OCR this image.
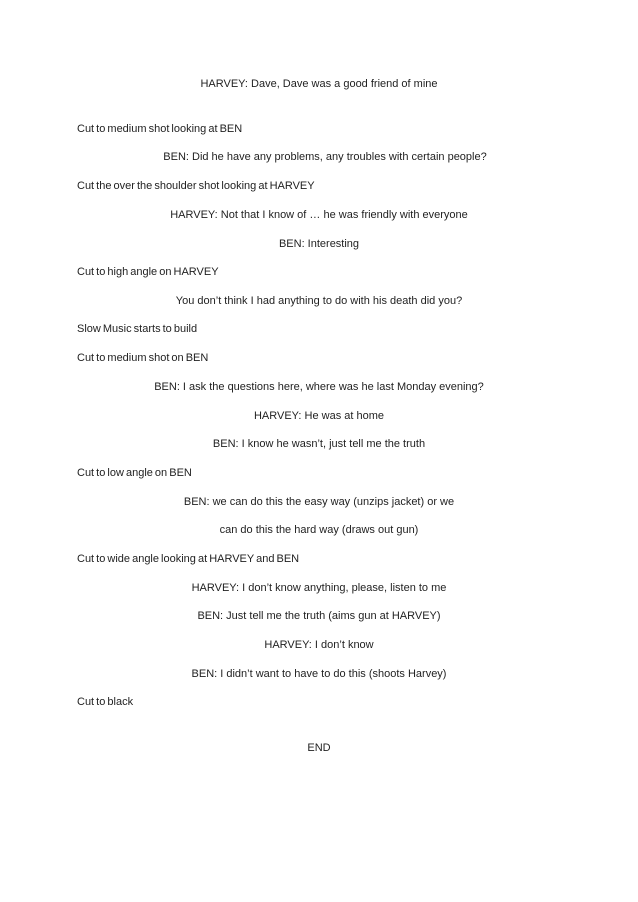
HARVEY: Dave, Dave was a good friend of mine
Cut to medium shot looking at BEN
BEN: Did he have any problems, any troubles with certain people?
Cut the over the shoulder shot looking at HARVEY
HARVEY: Not that I know of … he was friendly with everyone
BEN: Interesting
Cut to high angle on HARVEY
You don’t think I had anything to do with his death did you?
Slow Music starts to build
Cut to medium shot on BEN
BEN: I ask the questions here, where was he last Monday evening?
HARVEY: He was at home
BEN: I know he wasn’t, just tell me the truth
Cut to low angle on BEN
BEN: we can do this the easy way (unzips jacket) or we
can do this the hard way (draws out gun)
Cut to wide angle looking at HARVEY and BEN
HARVEY: I don’t know anything, please, listen to me
BEN: Just tell me the truth (aims gun at HARVEY)
HARVEY: I don’t know
BEN: I didn’t want to have to do this (shoots Harvey)
Cut to black
END
